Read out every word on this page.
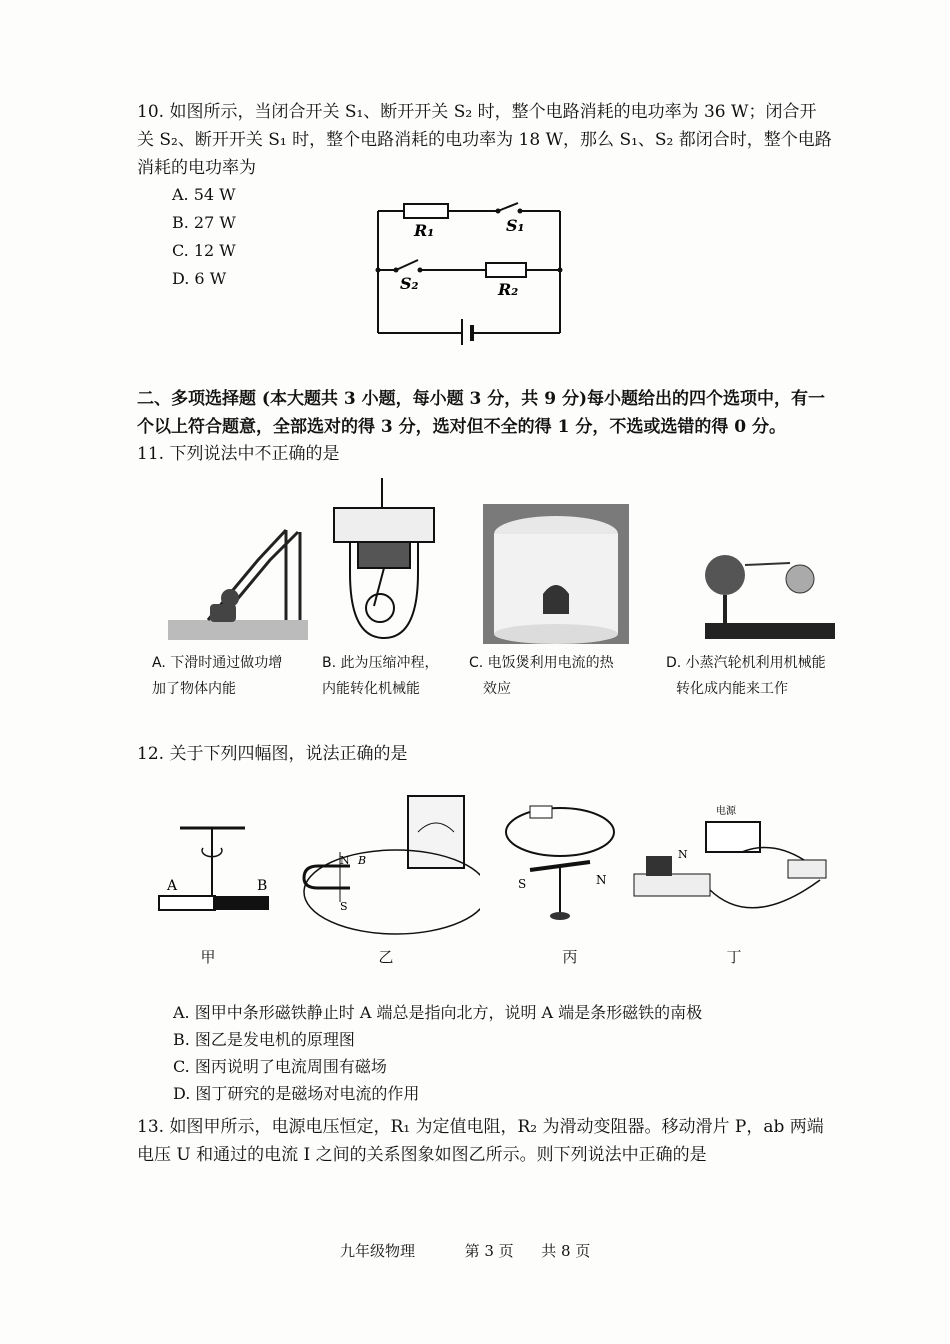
10. 如图所示，当闭合开关 S₁、断开开关 S₂ 时，整个电路消耗的电功率为 36 W；闭合开
关 S₂、断开开关 S₁ 时，整个电路消耗的电功率为 18 W，那么 S₁、S₂ 都闭合时，整个电路
消耗的电功率为
A. 54 W
B. 27 W
C. 12 W
D. 6 W
R₁	S₁
S₂	R₂
二、多项选择题 (本大题共 3 小题，每小题 3 分，共 9 分)每小题给出的四个选项中，有一
个以上符合题意，全部选对的得 3 分，选对但不全的得 1 分，不选或选错的得 0 分。
11. 下列说法中不正确的是
A. 下滑时通过做功增
加了物体内能
B. 此为压缩冲程，
内能转化机械能
C. 电饭煲利用电流的热
效应
D. 小蒸汽轮机利用机械能
转化成内能来工作
12. 关于下列四幅图，说法正确的是
A	B
N B
S
S	N
电源
N
甲	乙	丙	丁
A. 图甲中条形磁铁静止时 A 端总是指向北方，说明 A 端是条形磁铁的南极
B. 图乙是发电机的原理图
C. 图丙说明了电流周围有磁场
D. 图丁研究的是磁场对电流的作用
13. 如图甲所示，电源电压恒定，R₁ 为定值电阻，R₂ 为滑动变阻器。移动滑片 P，ab 两端
电压 U 和通过的电流 I 之间的关系图象如图乙所示。则下列说法中正确的是
九年级物理	第 3 页 共 8 页
